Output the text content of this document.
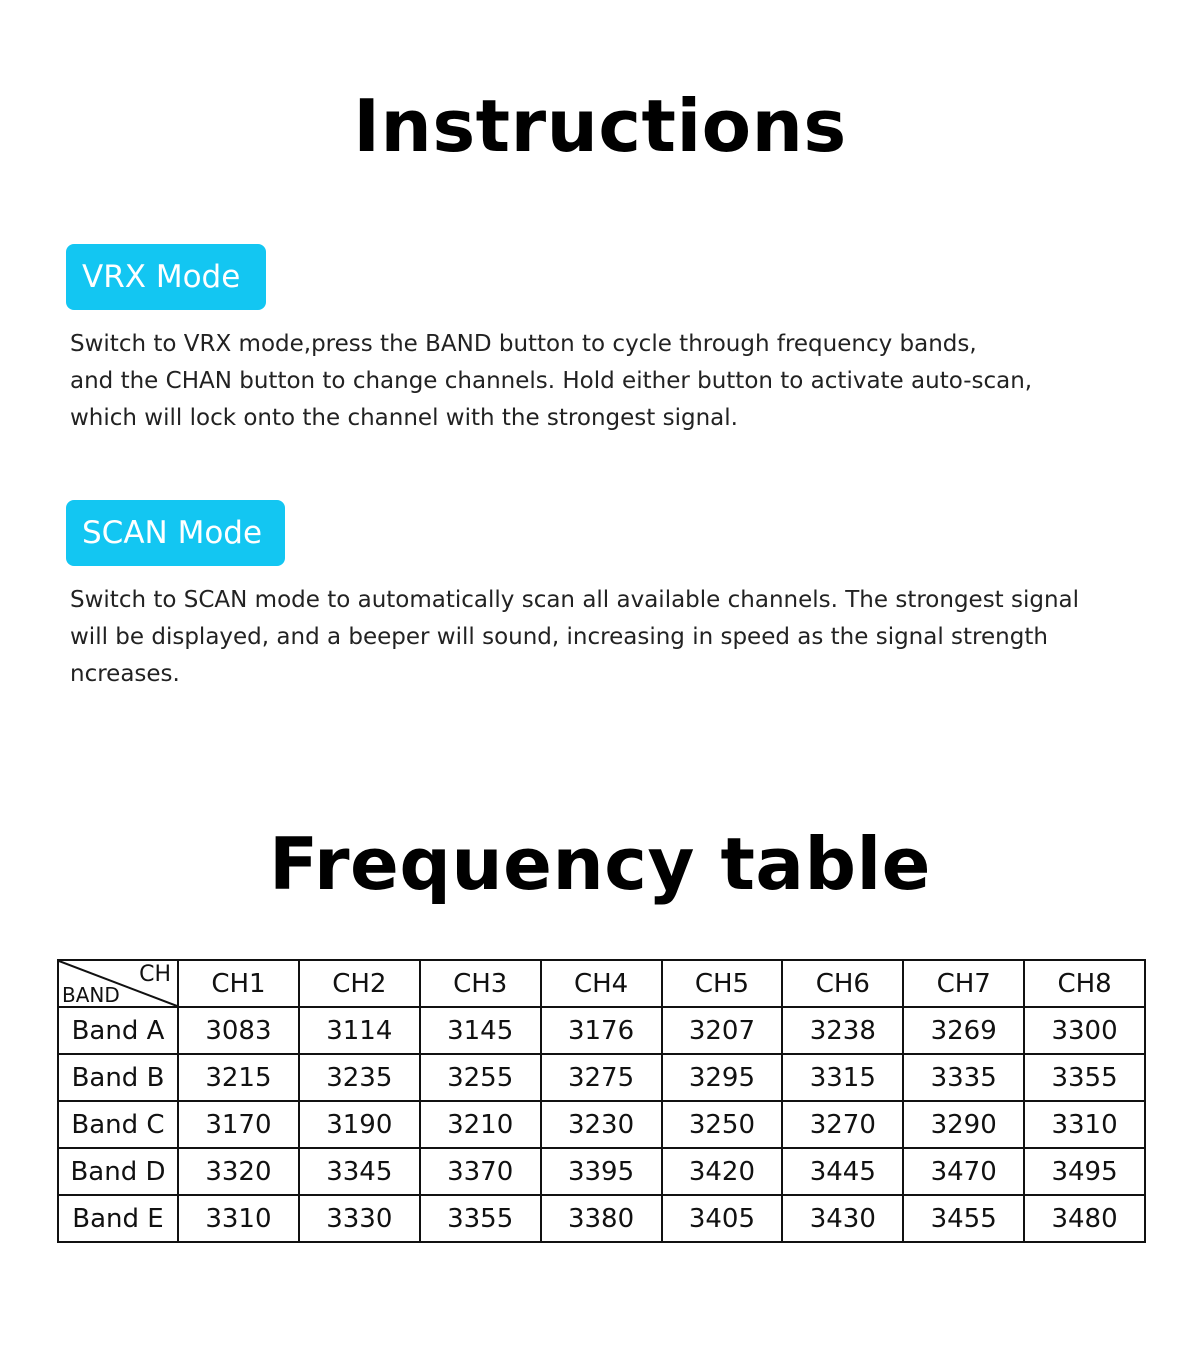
Instructions
VRX Mode

Switch to VRX mode,press the BAND button to cycle through frequency bands,
and the CHAN button to change channels. Hold either button to activate auto-scan,
which will lock onto the channel with the strongest signal.

SCAN Mode

Switch to SCAN mode to automatically scan all available channels. The strongest signal
will be displayed, and a beeper will sound, increasing in speed as the signal strength
ncreases.

Frequency table
CH
BAND	CH1	CH2	CH3	CH4	CH5	CH6	CH7	CH8
Band A	3083	3114	3145	3176	3207	3238	3269	3300
Band B	3215	3235	3255	3275	3295	3315	3335	3355
Band C	3170	3190	3210	3230	3250	3270	3290	3310
Band D	3320	3345	3370	3395	3420	3445	3470	3495
Band E	3310	3330	3355	3380	3405	3430	3455	3480
